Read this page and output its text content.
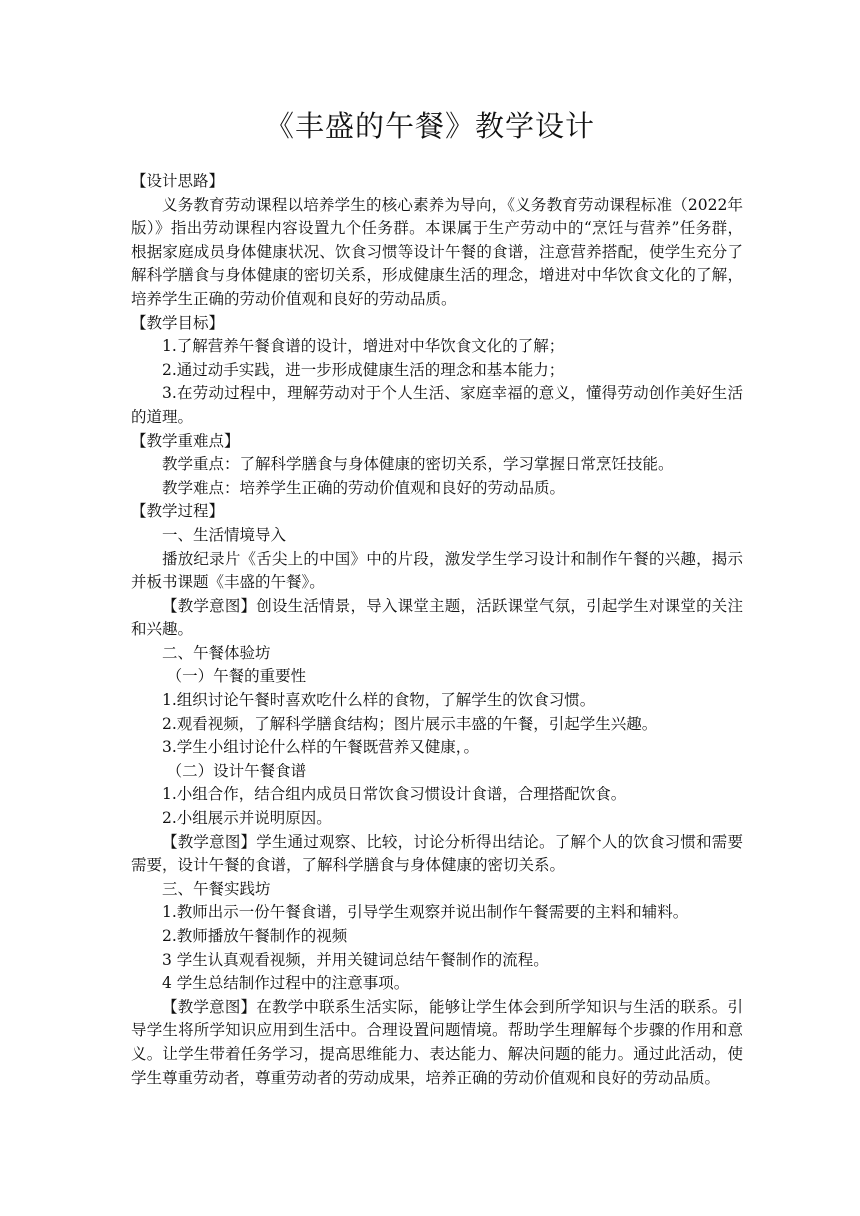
《丰盛的午餐》教学设计

【设计思路】

义务教育劳动课程以培养学生的核心素养为导向，《义务教育劳动课程标准（2022年版）》指出劳动课程内容设置九个任务群。本课属于生产劳动中的“烹饪与营养”任务群，根据家庭成员身体健康状况、饮食习惯等设计午餐的食谱，注意营养搭配，使学生充分了解科学膳食与身体健康的密切关系，形成健康生活的理念，增进对中华饮食文化的了解，培养学生正确的劳动价值观和良好的劳动品质。

【教学目标】

1.了解营养午餐食谱的设计，增进对中华饮食文化的了解；

2.通过动手实践，进一步形成健康生活的理念和基本能力；

3.在劳动过程中，理解劳动对于个人生活、家庭幸福的意义，懂得劳动创作美好生活的道理。

【教学重难点】

教学重点：了解科学膳食与身体健康的密切关系，学习掌握日常烹饪技能。

教学难点：培养学生正确的劳动价值观和良好的劳动品质。

【教学过程】

一、生活情境导入

播放纪录片《舌尖上的中国》中的片段，激发学生学习设计和制作午餐的兴趣，揭示并板书课题《丰盛的午餐》。

【教学意图】创设生活情景，导入课堂主题，活跃课堂气氛，引起学生对课堂的关注和兴趣。

二、午餐体验坊

（一）午餐的重要性

1.组织讨论午餐时喜欢吃什么样的食物，了解学生的饮食习惯。

2.观看视频，了解科学膳食结构；图片展示丰盛的午餐，引起学生兴趣。

3.学生小组讨论什么样的午餐既营养又健康，。

（二）设计午餐食谱

1.小组合作，结合组内成员日常饮食习惯设计食谱，合理搭配饮食。

2.小组展示并说明原因。

【教学意图】学生通过观察、比较，讨论分析得出结论。了解个人的饮食习惯和需要需要，设计午餐的食谱，了解科学膳食与身体健康的密切关系。

三、午餐实践坊

1.教师出示一份午餐食谱，引导学生观察并说出制作午餐需要的主料和辅料。

2.教师播放午餐制作的视频

3 学生认真观看视频，并用关键词总结午餐制作的流程。

4 学生总结制作过程中的注意事项。

【教学意图】在教学中联系生活实际，能够让学生体会到所学知识与生活的联系。引导学生将所学知识应用到生活中。合理设置问题情境。帮助学生理解每个步骤的作用和意义。让学生带着任务学习，提高思维能力、表达能力、解决问题的能力。通过此活动，使学生尊重劳动者，尊重劳动者的劳动成果，培养正确的劳动价值观和良好的劳动品质。
